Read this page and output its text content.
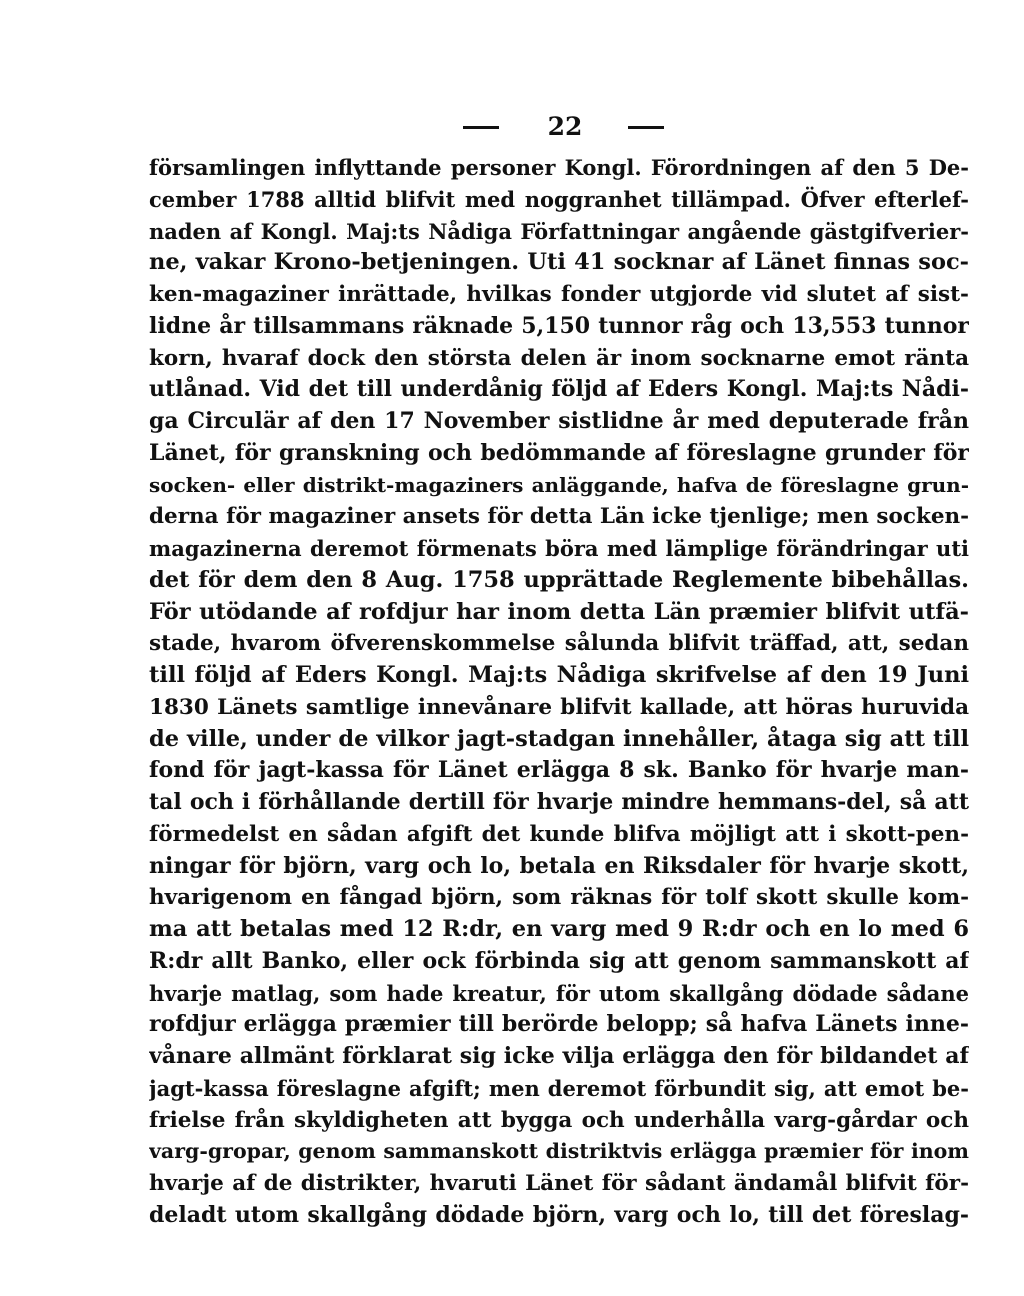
22
församlingen inflyttande personer Kongl. Förordningen af den 5 De-
cember 1788 alltid blifvit med noggranhet tillämpad. Öfver efterlef-
naden af Kongl. Maj:ts Nådiga Författningar angående gästgifverier-
ne, vakar Krono-betjeningen. Uti 41 socknar af Länet finnas soc-
ken-magaziner inrättade, hvilkas fonder utgjorde vid slutet af sist-
lidne år tillsammans räknade 5,150 tunnor råg och 13,553 tunnor
korn, hvaraf dock den största delen är inom socknarne emot ränta
utlånad. Vid det till underdånig följd af Eders Kongl. Maj:ts Nådi-
ga Circulär af den 17 November sistlidne år med deputerade från
Länet, för granskning och bedömmande af föreslagne grunder för
socken- eller distrikt-magaziners anläggande, hafva de föreslagne grun-
derna för magaziner ansets för detta Län icke tjenlige; men socken-
magazinerna deremot förmenats böra med lämplige förändringar uti
det för dem den 8 Aug. 1758 upprättade Reglemente bibehållas.
För utödande af rofdjur har inom detta Län præmier blifvit utfä-
stade, hvarom öfverenskommelse sålunda blifvit träffad, att, sedan
till följd af Eders Kongl. Maj:ts Nådiga skrifvelse af den 19 Juni
1830 Länets samtlige innevånare blifvit kallade, att höras huruvida
de ville, under de vilkor jagt-stadgan innehåller, åtaga sig att till
fond för jagt-kassa för Länet erlägga 8 sk. Banko för hvarje man-
tal och i förhållande dertill för hvarje mindre hemmans-del, så att
förmedelst en sådan afgift det kunde blifva möjligt att i skott-pen-
ningar för björn, varg och lo, betala en Riksdaler för hvarje skott,
hvarigenom en fångad björn, som räknas för tolf skott skulle kom-
ma att betalas med 12 R:dr, en varg med 9 R:dr och en lo med 6
R:dr allt Banko, eller ock förbinda sig att genom sammanskott af
hvarje matlag, som hade kreatur, för utom skallgång dödade sådane
rofdjur erlägga præmier till berörde belopp; så hafva Länets inne-
vånare allmänt förklarat sig icke vilja erlägga den för bildandet af
jagt-kassa föreslagne afgift; men deremot förbundit sig, att emot be-
frielse från skyldigheten att bygga och underhålla varg-gårdar och
varg-gropar, genom sammanskott distriktvis erlägga præmier för inom
hvarje af de distrikter, hvaruti Länet för sådant ändamål blifvit för-
deladt utom skallgång dödade björn, varg och lo, till det föreslag-
